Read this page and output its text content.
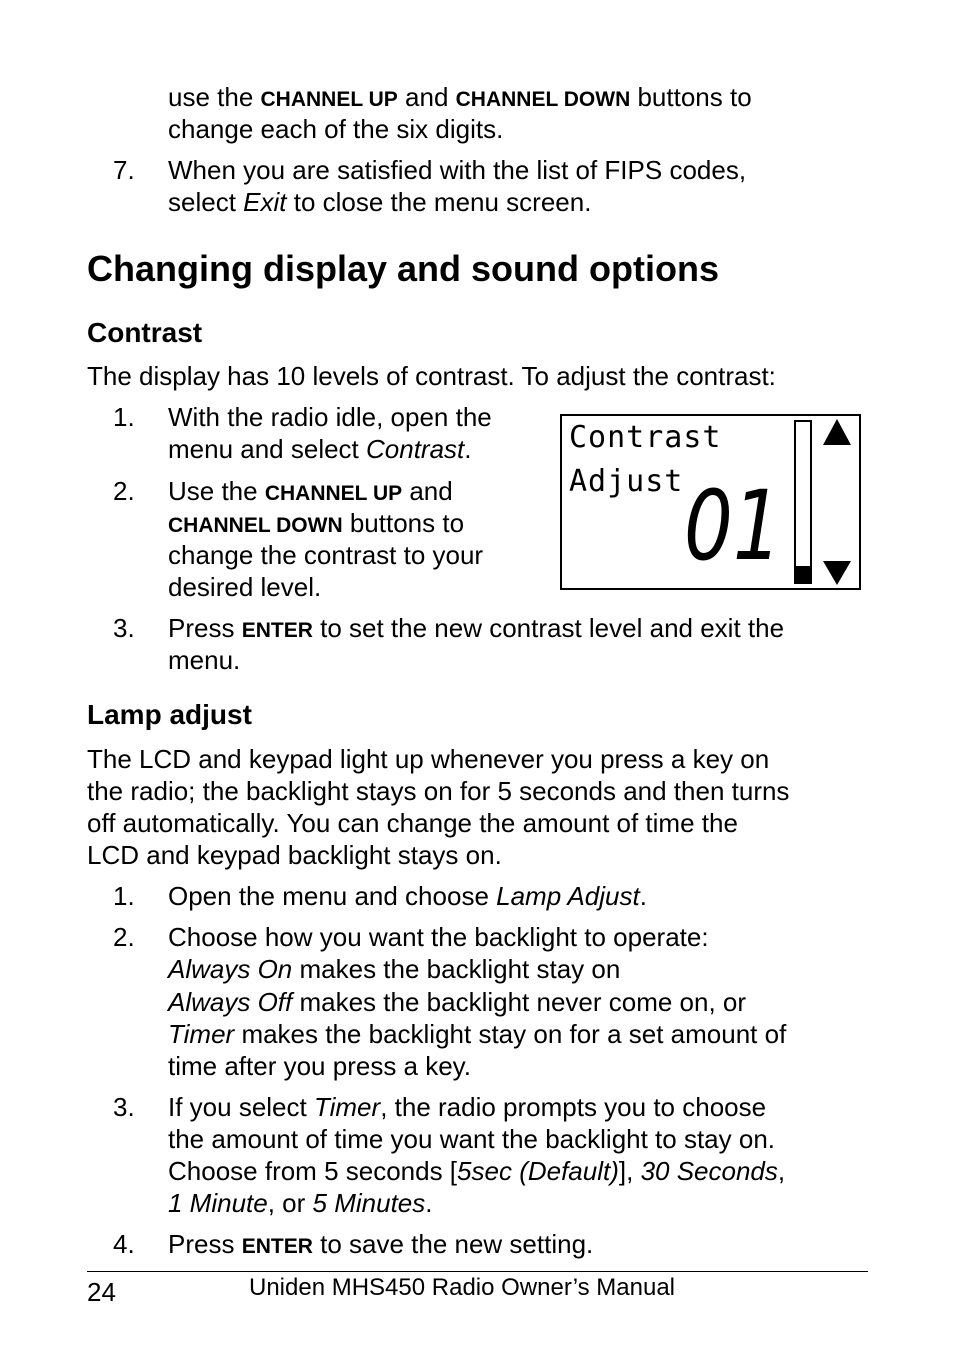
use the CHANNEL UP and CHANNEL DOWN buttons to
change each of the six digits.
7. When you are satisfied with the list of FIPS codes,
select Exit to close the menu screen.
Changing display and sound options
Contrast
The display has 10 levels of contrast. To adjust the contrast:
1. With the radio idle, open the
menu and select Contrast.
2. Use the CHANNEL UP and
CHANNEL DOWN buttons to
change the contrast to your
desired level.
Contrast
Adjust 01
3. Press ENTER to set the new contrast level and exit the
menu.
Lamp adjust
The LCD and keypad light up whenever you press a key on
the radio; the backlight stays on for 5 seconds and then turns
off automatically. You can change the amount of time the
LCD and keypad backlight stays on.
1. Open the menu and choose Lamp Adjust.
2. Choose how you want the backlight to operate:
Always On makes the backlight stay on
Always Off makes the backlight never come on, or
Timer makes the backlight stay on for a set amount of
time after you press a key.
3. If you select Timer, the radio prompts you to choose
the amount of time you want the backlight to stay on.
Choose from 5 seconds [5sec (Default)], 30 Seconds,
1 Minute, or 5 Minutes.
4. Press ENTER to save the new setting.
24	Uniden MHS450 Radio Owner’s Manual
